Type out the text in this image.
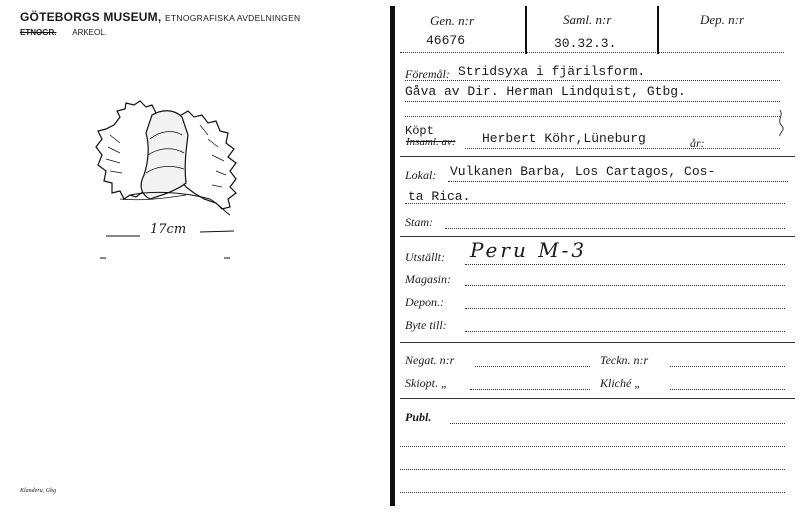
GÖTEBORGS MUSEUM, ETNOGRAFISKA AVDELNINGEN
ETNOGR. ARKEOL.
17cm
Klanderu, Gbg
Gen. n:r	Saml. n:r	Dep. n:r
46676	30.32.3.
Föremål: Stridsyxa i fjärilsform.
Gåva av Dir. Herman Lindquist, Gtbg.
Köpt
Insaml. av: Herbert Köhr,Lüneburg	år:
Lokal: Vulkanen Barba, Los Cartagos, Cos-
ta Rica.
Stam:
Utställt: Peru M-3
Magasin:
Depon.:
Byte till:
Negat. n:r	Teckn. n:r
Skiopt. „	Kliché „
Publ.
